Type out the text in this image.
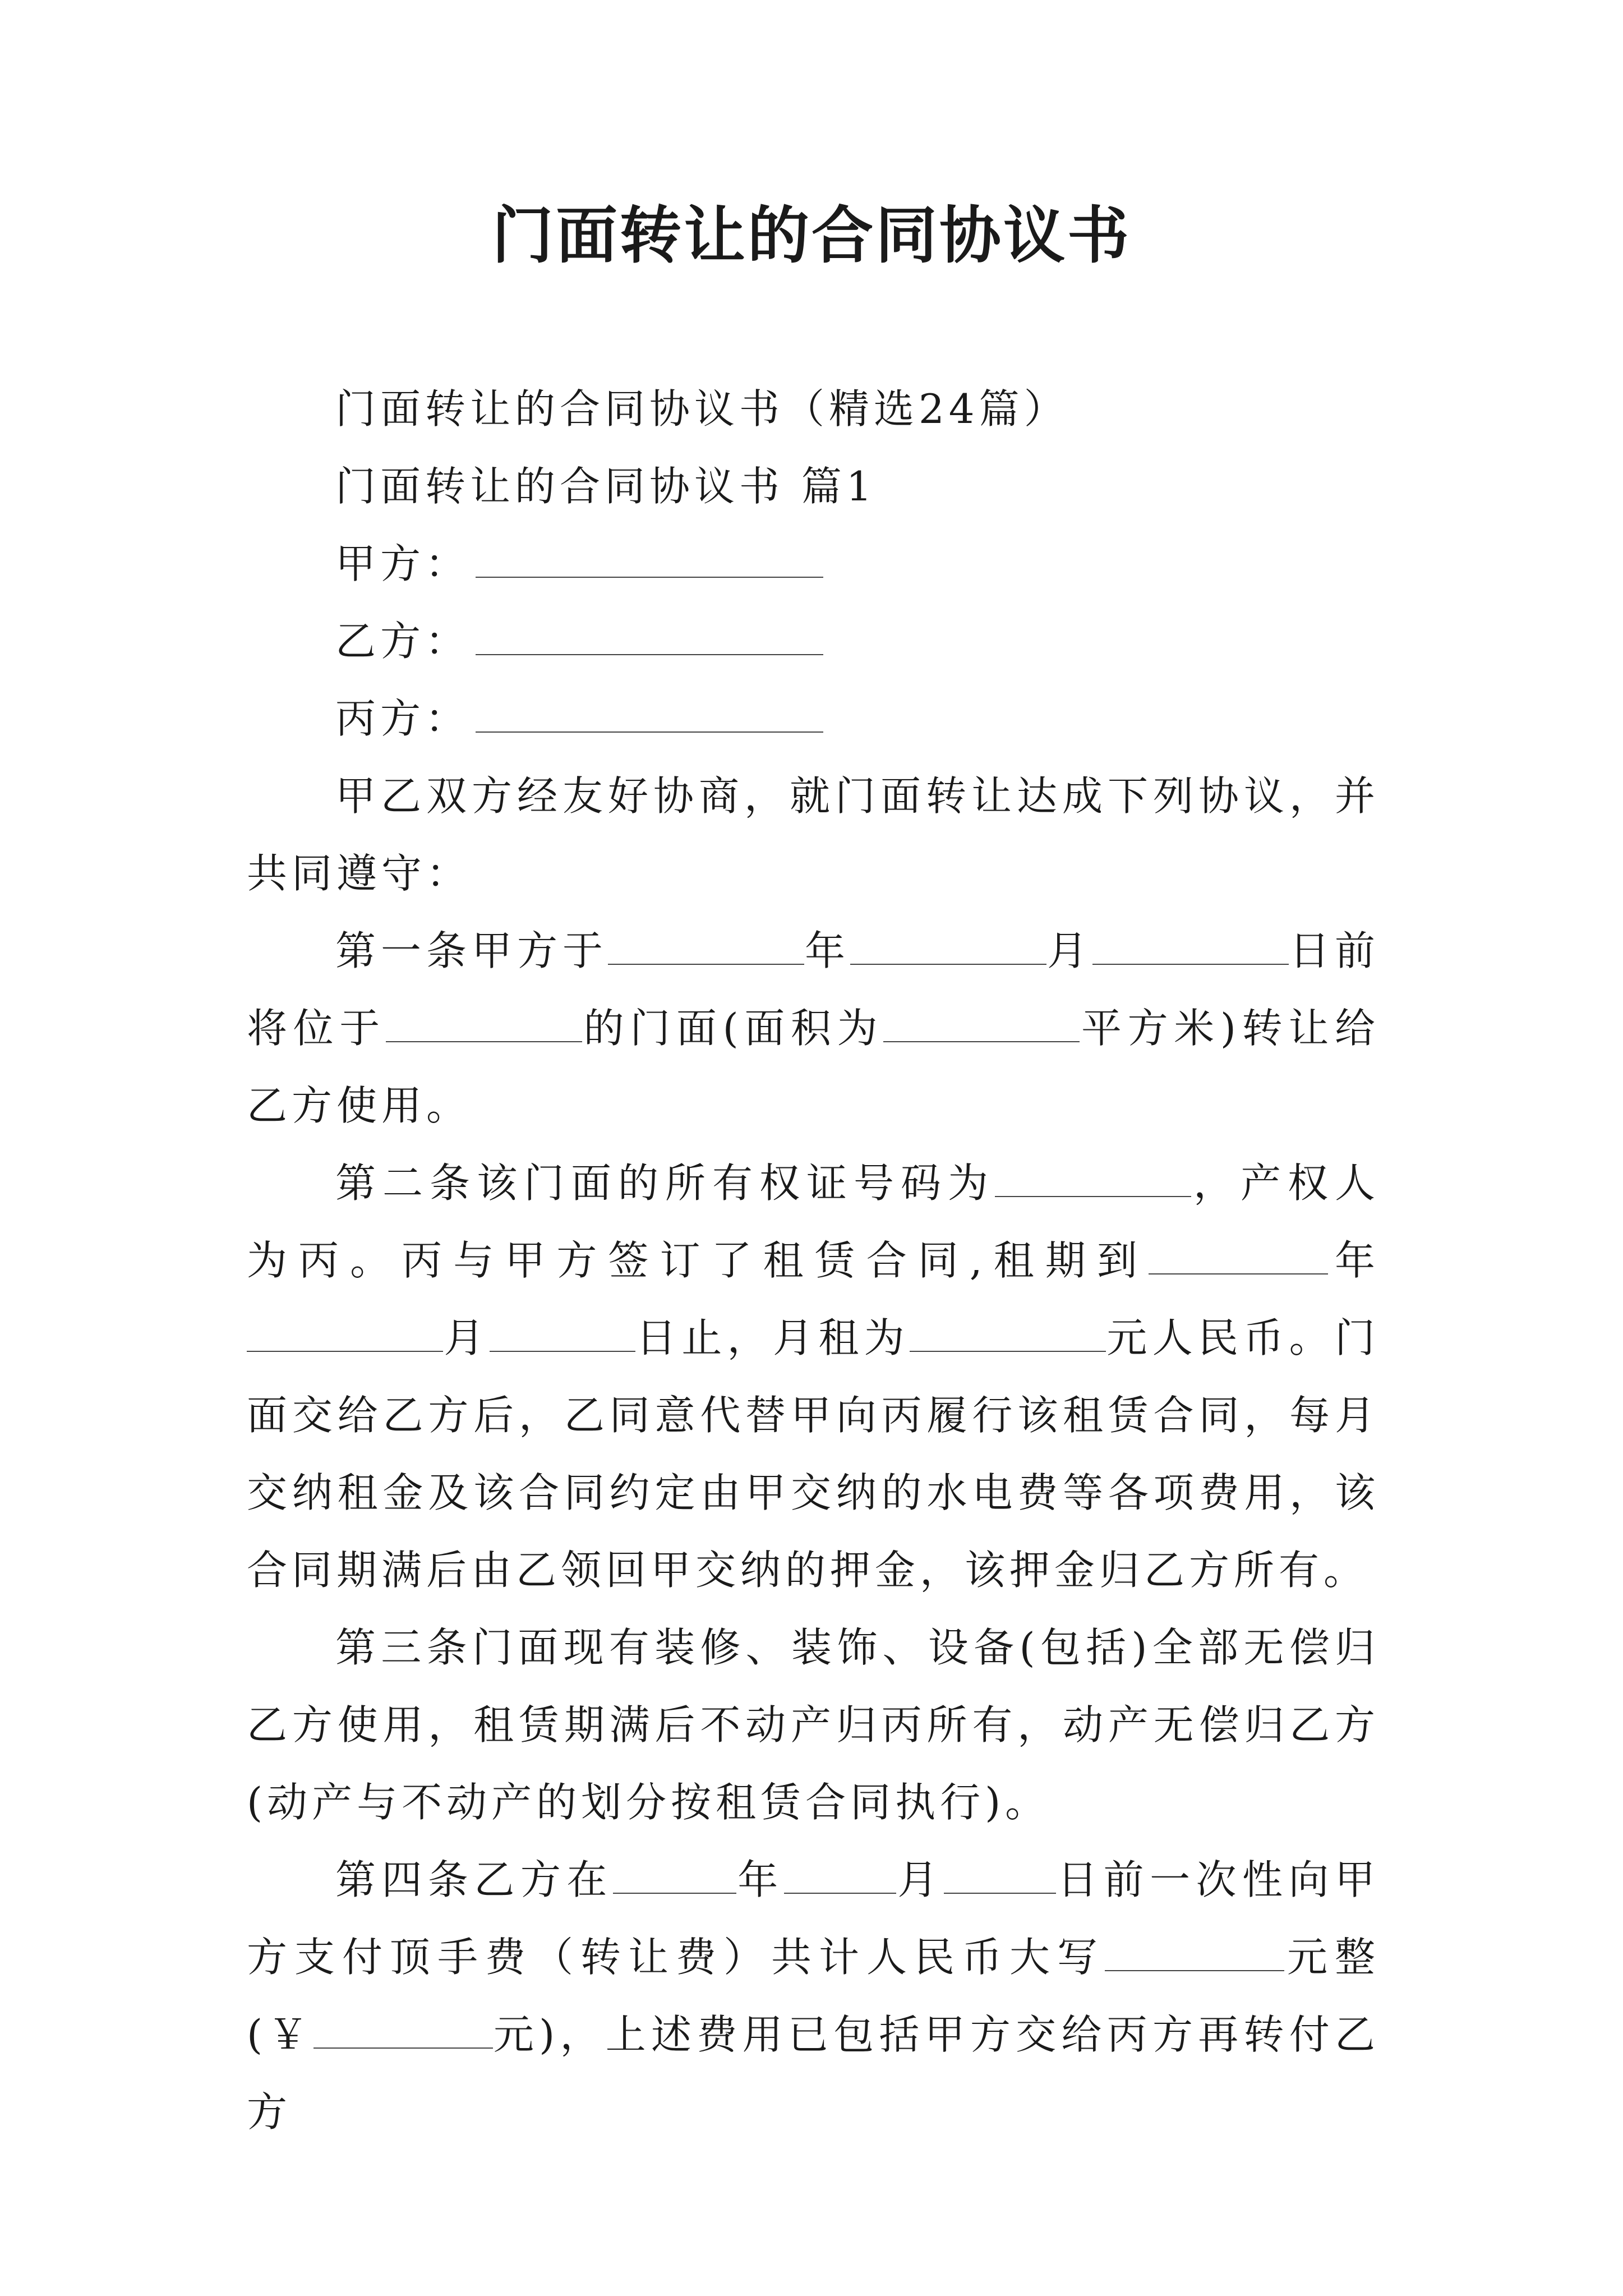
门面转让的合同协议书

门面转让的合同协议书（精选24篇）

门面转让的合同协议书 篇1

甲方：

乙方：

丙方：

甲乙双方经友好协商，就门面转让达成下列协议，并共同遵守：

第一条甲方于	年	月	日前将位于	的门面(面积为	平方米)转让给乙方使用。

第二条该门面的所有权证号码为	，产权人为丙。丙与甲方签订了租赁合同,租期到	年月	日止，月租为	元人民币。门面交给乙方后，乙同意代替甲向丙履行该租赁合同，每月交纳租金及该合同约定由甲交纳的水电费等各项费用，该合同期满后由乙领回甲交纳的押金，该押金归乙方所有。

第三条门面现有装修、装饰、设备(包括)全部无偿归乙方使用，租赁期满后不动产归丙所有，动产无偿归乙方(动产与不动产的划分按租赁合同执行)。

第四条乙方在	年	月	日前一次性向甲方支付顶手费（转让费）共计人民币大写	元整(￥	元)，上述费用已包括甲方交给丙方再转付乙方
